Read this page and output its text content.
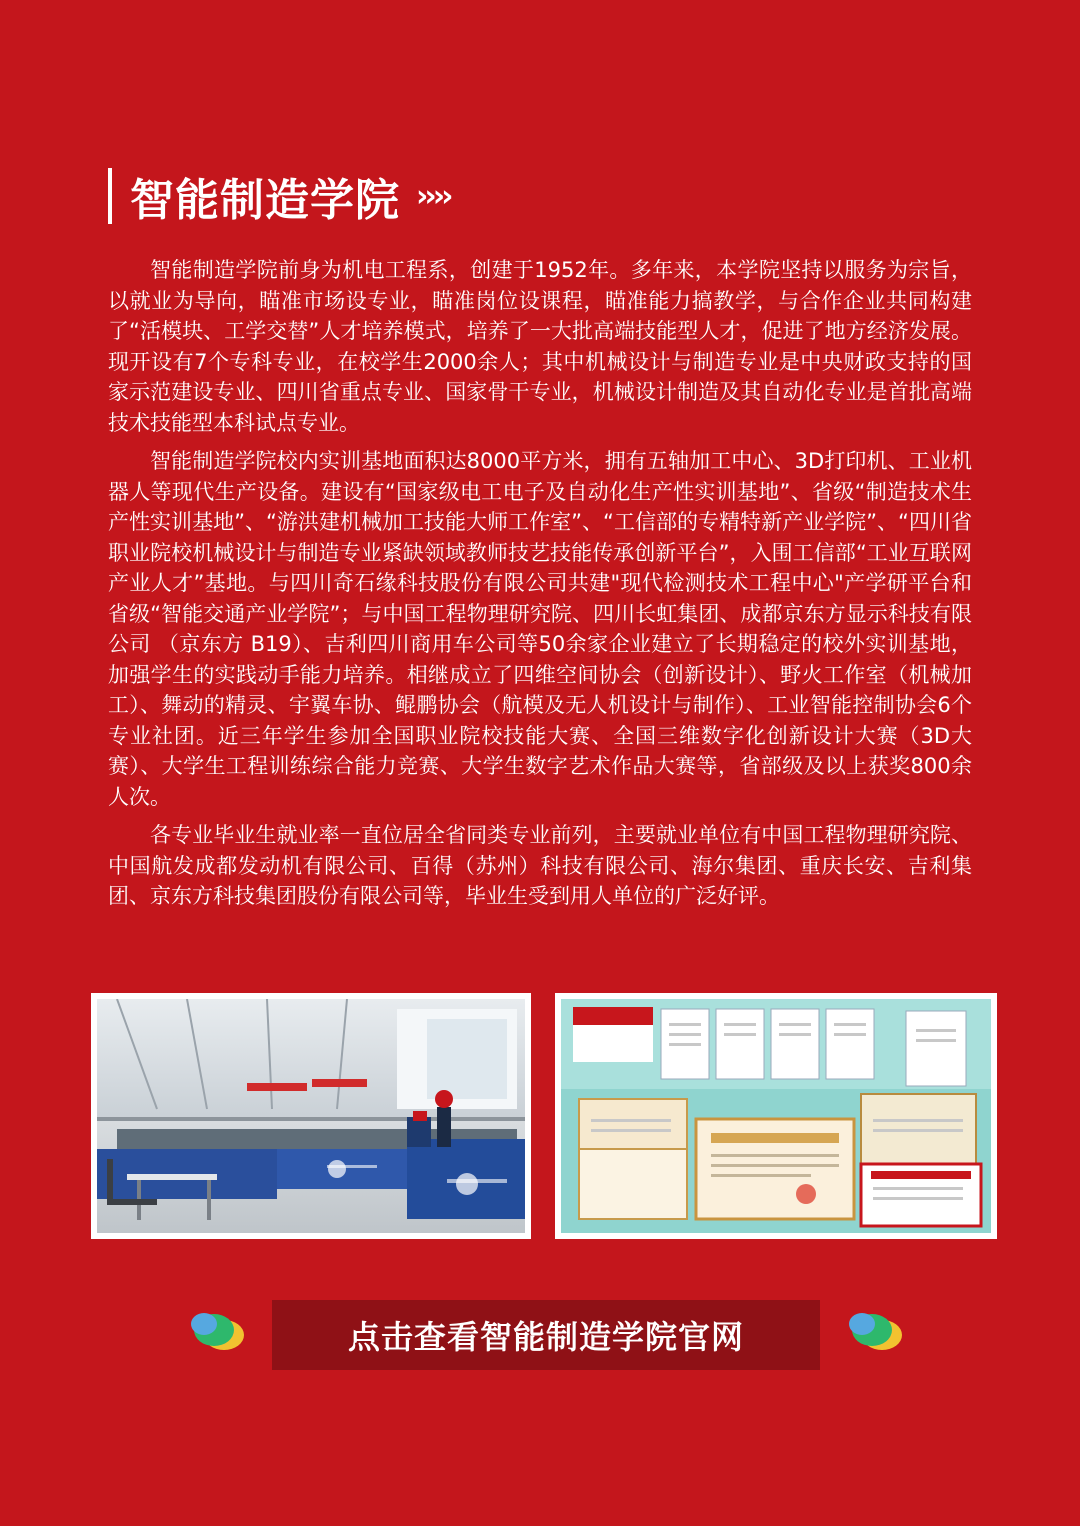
智能制造学院 ››››

智能制造学院前身为机电工程系，创建于1952年。多年来，本学院坚持以服务为宗旨，以就业为导向，瞄准市场设专业，瞄准岗位设课程，瞄准能力搞教学，与合作企业共同构建了“活模块、工学交替”人才培养模式，培养了一大批高端技能型人才，促进了地方经济发展。现开设有7个专科专业，在校学生2000余人；其中机械设计与制造专业是中央财政支持的国家示范建设专业、四川省重点专业、国家骨干专业，机械设计制造及其自动化专业是首批高端技术技能型本科试点专业。

智能制造学院校内实训基地面积达8000平方米，拥有五轴加工中心、3D打印机、工业机器人等现代生产设备。建设有“国家级电工电子及自动化生产性实训基地”、省级“制造技术生产性实训基地”、“游洪建机械加工技能大师工作室”、“工信部的专精特新产业学院”、“四川省职业院校机械设计与制造专业紧缺领域教师技艺技能传承创新平台”，入围工信部“工业互联网产业人才”基地。与四川奇石缘科技股份有限公司共建"现代检测技术工程中心"产学研平台和省级“智能交通产业学院”；与中国工程物理研究院、四川长虹集团、成都京东方显示科技有限公司 （京东方 B19）、吉利四川商用车公司等50余家企业建立了长期稳定的校外实训基地，加强学生的实践动手能力培养。相继成立了四维空间协会（创新设计）、野火工作室（机械加工）、舞动的精灵、宇翼车协、鲲鹏协会（航模及无人机设计与制作）、工业智能控制协会6个专业社团。近三年学生参加全国职业院校技能大赛、全国三维数字化创新设计大赛（3D大赛）、大学生工程训练综合能力竞赛、大学生数字艺术作品大赛等，省部级及以上获奖800余人次。

各专业毕业生就业率一直位居全省同类专业前列，主要就业单位有中国工程物理研究院、中国航发成都发动机有限公司、百得（苏州）科技有限公司、海尔集团、重庆长安、吉利集团、京东方科技集团股份有限公司等，毕业生受到用人单位的广泛好评。

点击查看智能制造学院官网
